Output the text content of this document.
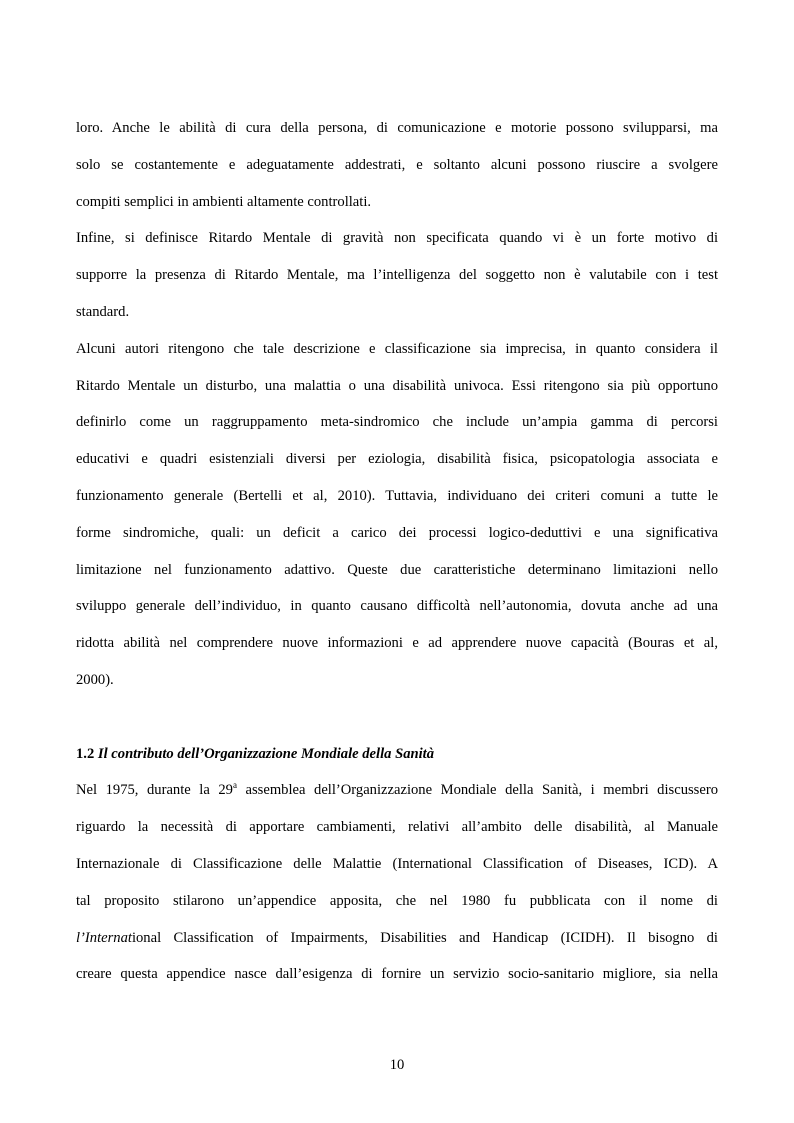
loro. Anche le abilità di cura della persona, di comunicazione e motorie possono svilupparsi, ma
solo se costantemente e adeguatamente addestrati, e soltanto alcuni possono riuscire a svolgere
compiti semplici in ambienti altamente controllati.
Infine, si definisce Ritardo Mentale di gravità non specificata quando vi è un forte motivo di
supporre la presenza di Ritardo Mentale, ma l’intelligenza del soggetto non è valutabile con i test
standard.
Alcuni autori ritengono che tale descrizione e classificazione sia imprecisa, in quanto considera il
Ritardo Mentale un disturbo, una malattia o una disabilità univoca. Essi ritengono sia più opportuno
definirlo come un raggruppamento meta-sindromico che include un’ampia gamma di percorsi
educativi e quadri esistenziali diversi per eziologia, disabilità fisica, psicopatologia associata e
funzionamento generale (Bertelli et al, 2010). Tuttavia, individuano dei criteri comuni a tutte le
forme sindromiche, quali: un deficit a carico dei processi logico-deduttivi e una significativa
limitazione nel funzionamento adattivo. Queste due caratteristiche determinano limitazioni nello
sviluppo generale dell’individuo, in quanto causano difficoltà nell’autonomia, dovuta anche ad una
ridotta abilità nel comprendere nuove informazioni e ad apprendere nuove capacità (Bouras et al,
2000).
1.2 Il contributo dell’Organizzazione Mondiale della Sanità
Nel 1975, durante la 29$^a$ assemblea dell’Organizzazione Mondiale della Sanità, i membri discussero
riguardo la necessità di apportare cambiamenti, relativi all’ambito delle disabilità, al Manuale
Internazionale di Classificazione delle Malattie (International Classification of Diseases, ICD). A
tal proposito stilarono un’appendice apposita, che nel 1980 fu pubblicata con il nome di
l’International Classification of Impairments, Disabilities and Handicap (ICIDH). Il bisogno di
creare questa appendice nasce dall’esigenza di fornire un servizio socio-sanitario migliore, sia nella
10
